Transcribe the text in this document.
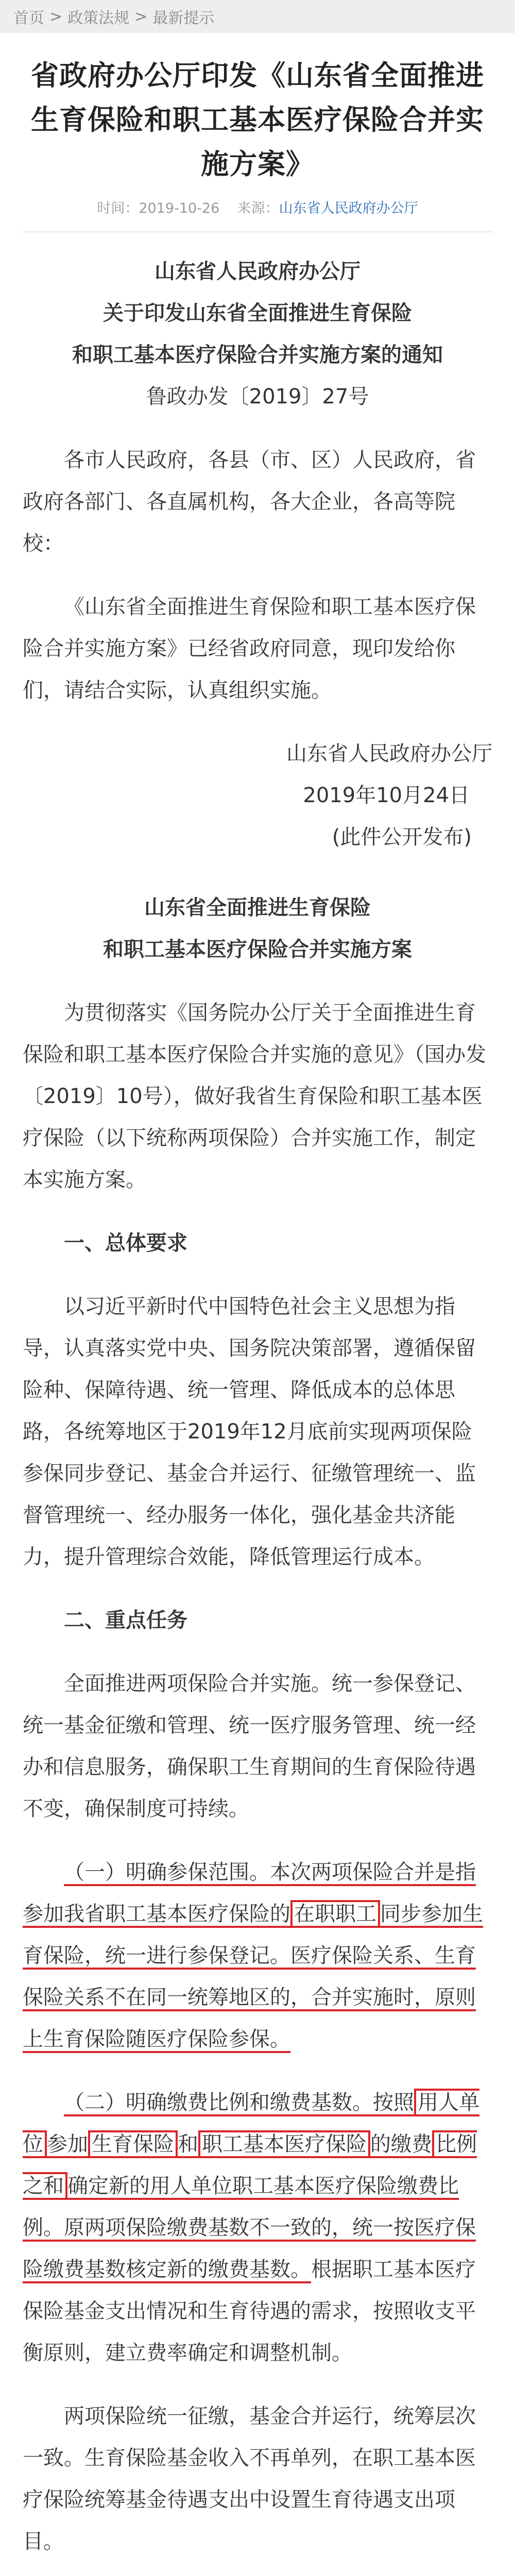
首页 > 政策法规 > 最新提示
省政府办公厅印发《山东省全面推进生育保险和职工基本医疗保险合并实施方案》
时间：2019-10-26 来源：山东省人民政府办公厅
山东省人民政府办公厅
关于印发山东省全面推进生育保险
和职工基本医疗保险合并实施方案的通知
鲁政办发〔2019〕27号

各市人民政府，各县（市、区）人民政府，省政府各部门、各直属机构，各大企业，各高等院校：

《山东省全面推进生育保险和职工基本医疗保险合并实施方案》已经省政府同意，现印发给你们，请结合实际，认真组织实施。

山东省人民政府办公厅
2019年10月24日
(此件公开发布)
山东省全面推进生育保险
和职工基本医疗保险合并实施方案

为贯彻落实《国务院办公厅关于全面推进生育保险和职工基本医疗保险合并实施的意见》（国办发〔2019〕10号），做好我省生育保险和职工基本医疗保险（以下统称两项保险）合并实施工作，制定本实施方案。

一、总体要求

以习近平新时代中国特色社会主义思想为指导，认真落实党中央、国务院决策部署，遵循保留险种、保障待遇、统一管理、降低成本的总体思路，各统筹地区于2019年12月底前实现两项保险参保同步登记、基金合并运行、征缴管理统一、监督管理统一、经办服务一体化，强化基金共济能力，提升管理综合效能，降低管理运行成本。

二、重点任务

全面推进两项保险合并实施。统一参保登记、统一基金征缴和管理、统一医疗服务管理、统一经办和信息服务，确保职工生育期间的生育保险待遇不变，确保制度可持续。

（一）明确参保范围。本次两项保险合并是指参加我省职工基本医疗保险的 在职职工 同步参加生育保险，统一进行参保登记。医疗保险关系、生育保险关系不在同一统筹地区的，合并实施时，原则上生育保险随医疗保险参保。

（二）明确缴费比例和缴费基数。按照 用人单位 参加 生育保险 和 职工基本医疗保险 的缴费 比例之和 确定新的用人单位职工基本医疗保险缴费比例。原两项保险缴费基数不一致的，统一按医疗保险缴费基数核定新的缴费基数。根据职工基本医疗保险基金支出情况和生育待遇的需求，按照收支平衡原则，建立费率确定和调整机制。

两项保险统一征缴，基金合并运行，统筹层次一致。生育保险基金收入不再单列，在职工基本医疗保险统筹基金待遇支出中设置生育待遇支出项目。
